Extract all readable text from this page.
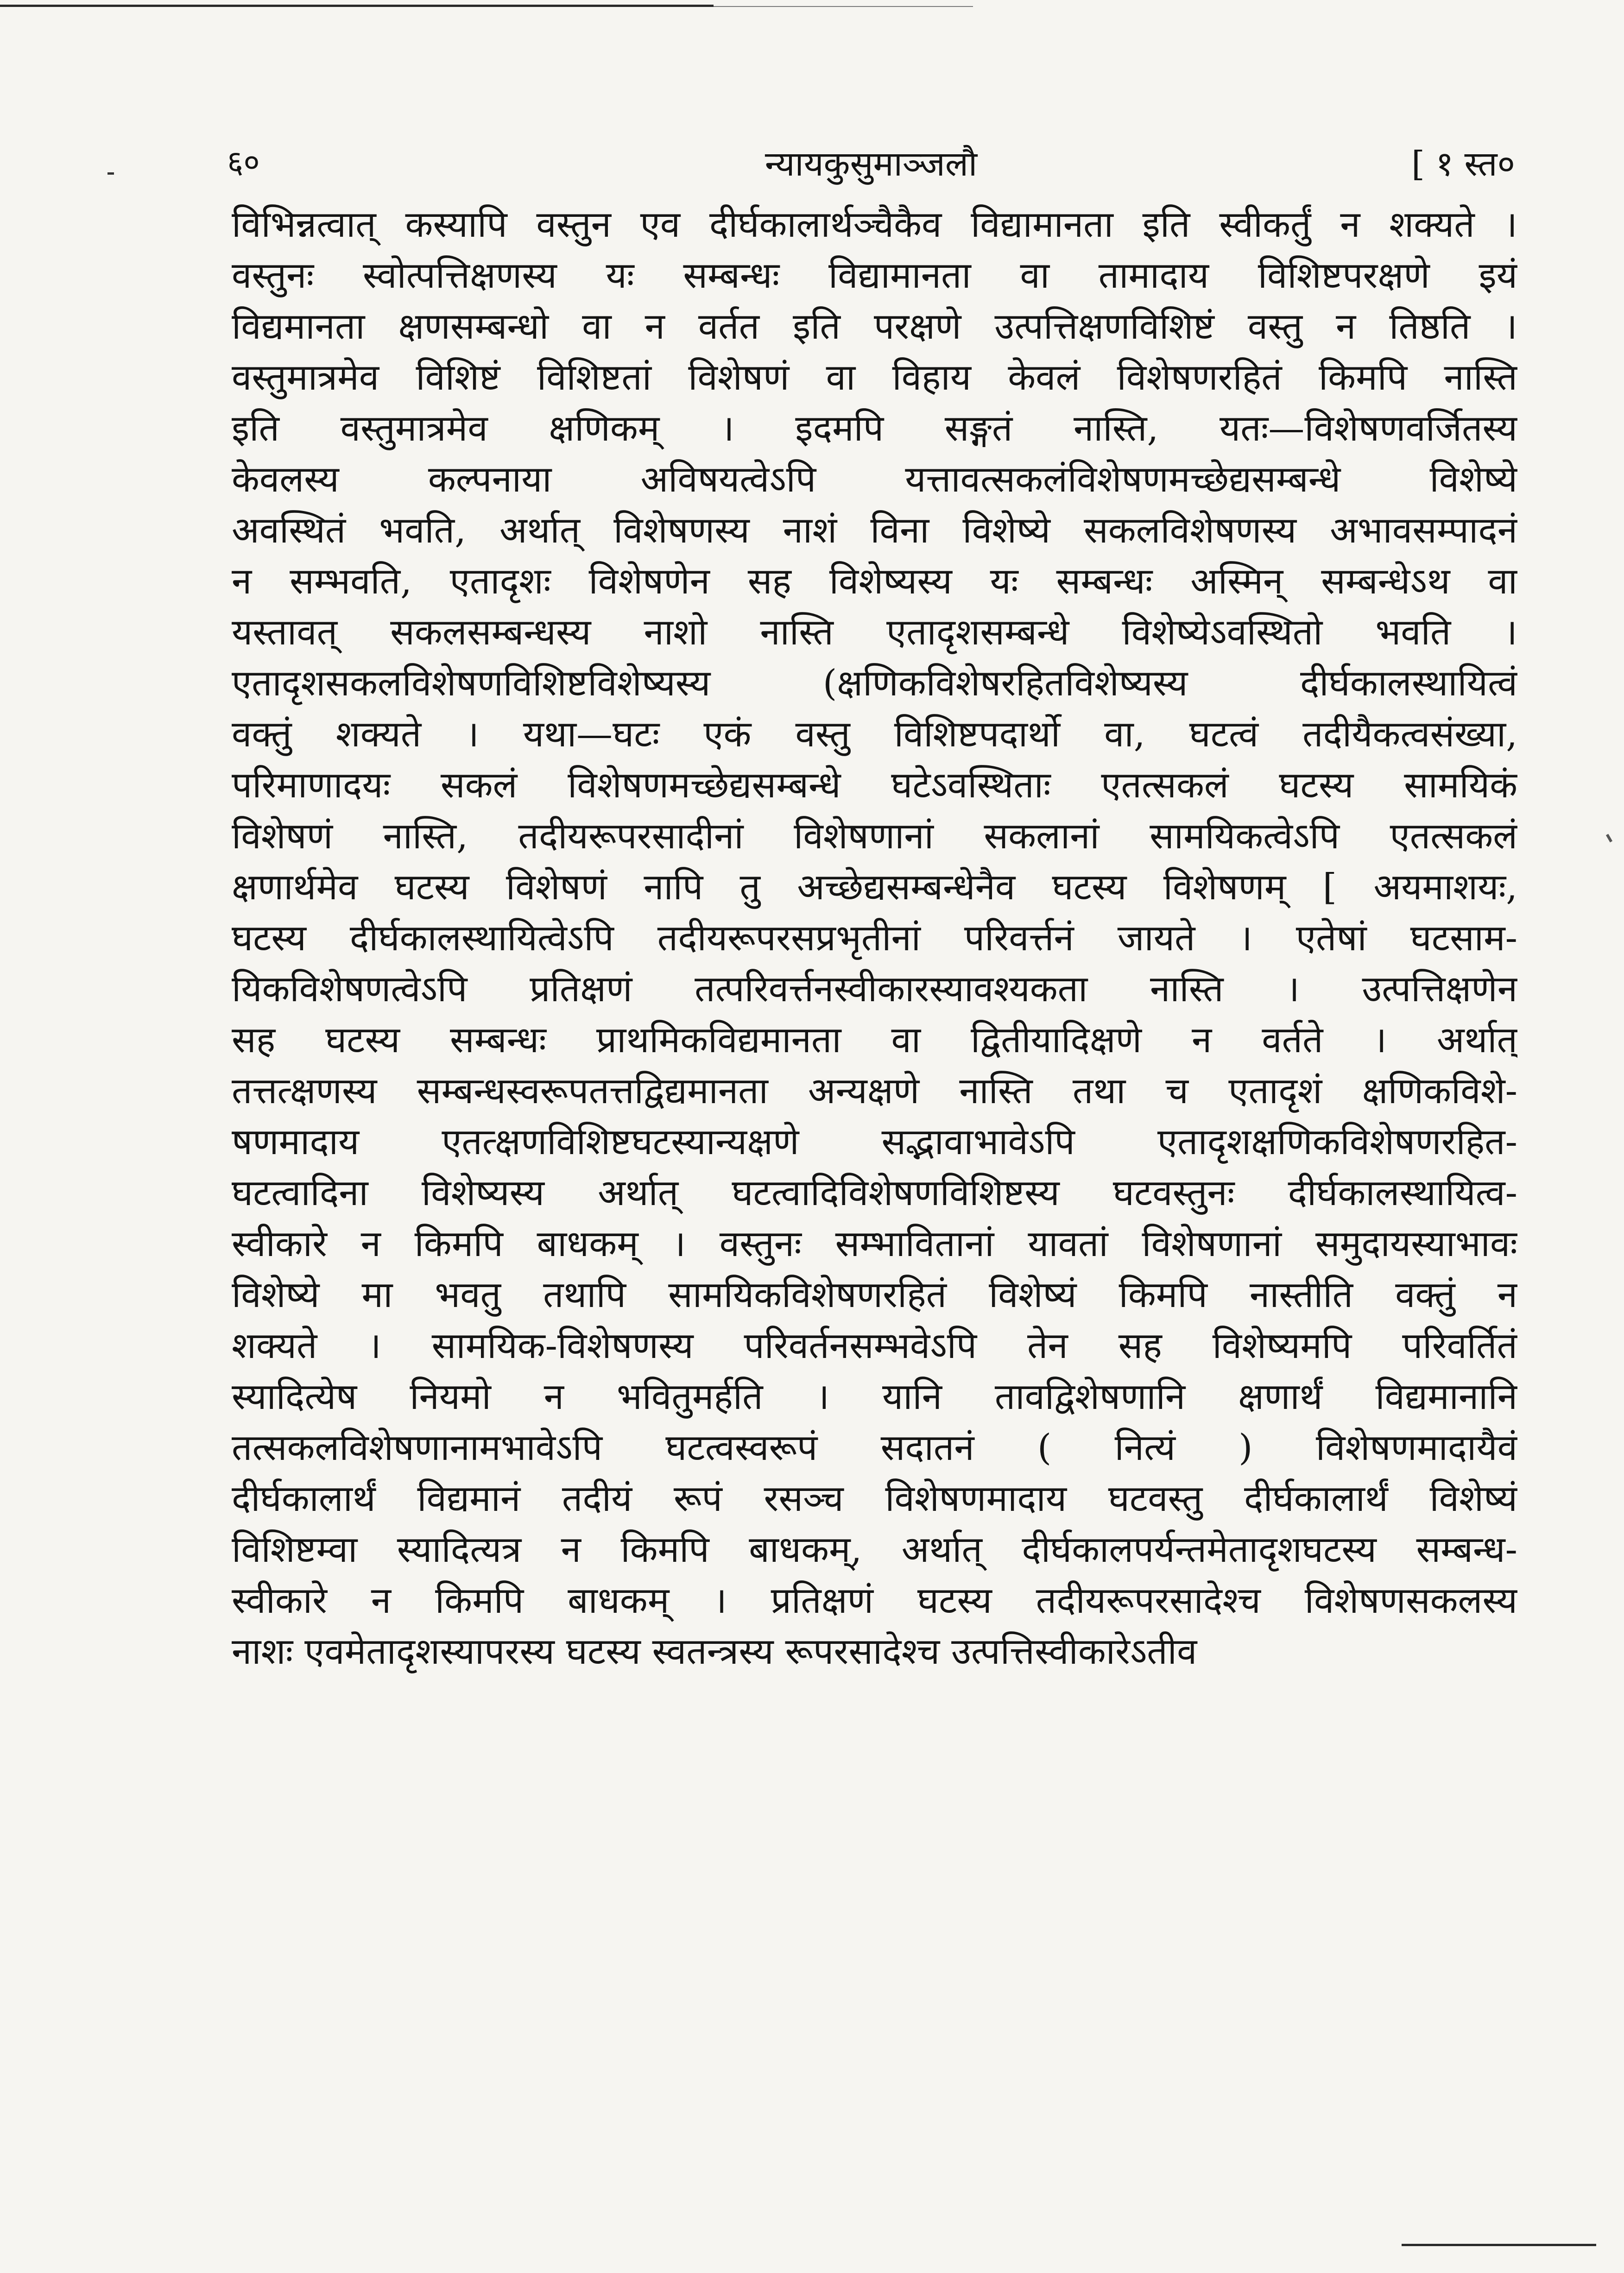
६०	न्यायकुसुमाञ्जलौ	[ १ स्त०
विभिन्नत्वात् कस्यापि वस्तुन एव दीर्घकालार्थञ्चैकैव विद्यामानता इति स्वीकर्तुं न शक्यते ।
वस्तुनः स्वोत्पत्तिक्षणस्य यः सम्बन्धः विद्यामानता वा तामादाय विशिष्टपरक्षणे इयं
विद्यमानता क्षणसम्बन्धो वा न वर्तत इति परक्षणे उत्पत्तिक्षणविशिष्टं वस्तु न तिष्ठति ।
वस्तुमात्रमेव विशिष्टं विशिष्टतां विशेषणं वा विहाय केवलं विशेषणरहितं किमपि नास्ति
इति वस्तुमात्रमेव क्षणिकम् । इदमपि सङ्गतं नास्ति, यतः—विशेषणवर्जितस्य
केवलस्य कल्पनाया अविषयत्वेऽपि यत्तावत्सकलंविशेषणमच्छेद्यसम्बन्धे विशेष्ये
अवस्थितं भवति, अर्थात् विशेषणस्य नाशं विना विशेष्ये सकलविशेषणस्य अभावसम्पादनं
न सम्भवति, एतादृशः विशेषणेन सह विशेष्यस्य यः सम्बन्धः अस्मिन् सम्बन्धेऽथ वा
यस्तावत् सकलसम्बन्धस्य नाशो नास्ति एतादृशसम्बन्धे विशेष्येऽवस्थितो भवति ।
एतादृशसकलविशेषणविशिष्टविशेष्यस्य (क्षणिकविशेषरहितविशेष्यस्य दीर्घकालस्थायित्वं
वक्तुं शक्यते । यथा—घटः एकं वस्तु विशिष्टपदार्थो वा, घटत्वं तदीयैकत्वसंख्या,
परिमाणादयः सकलं विशेषणमच्छेद्यसम्बन्धे घटेऽवस्थिताः एतत्सकलं घटस्य सामयिकं
विशेषणं नास्ति, तदीयरूपरसादीनां विशेषणानां सकलानां सामयिकत्वेऽपि एतत्सकलं
क्षणार्थमेव घटस्य विशेषणं नापि तु अच्छेद्यसम्बन्धेनैव घटस्य विशेषणम् [ अयमाशयः,
घटस्य दीर्घकालस्थायित्वेऽपि तदीयरूपरसप्रभृतीनां परिवर्त्तनं जायते । एतेषां घटसाम-
यिकविशेषणत्वेऽपि प्रतिक्षणं तत्परिवर्त्तनस्वीकारस्यावश्यकता नास्ति । उत्पत्तिक्षणेन
सह घटस्य सम्बन्धः प्राथमिकविद्यमानता वा द्वितीयादिक्षणे न वर्तते । अर्थात्
तत्तत्क्षणस्य सम्बन्धस्वरूपतत्तद्विद्यमानता अन्यक्षणे नास्ति तथा च एतादृशं क्षणिकविशे-
षणमादाय एतत्क्षणविशिष्टघटस्यान्यक्षणे सद्भावाभावेऽपि एतादृशक्षणिकविशेषणरहित-
घटत्वादिना विशेष्यस्य अर्थात् घटत्वादिविशेषणविशिष्टस्य घटवस्तुनः दीर्घकालस्थायित्व-
स्वीकारे न किमपि बाधकम् । वस्तुनः सम्भावितानां यावतां विशेषणानां समुदायस्याभावः
विशेष्ये मा भवतु तथापि सामयिकविशेषणरहितं विशेष्यं किमपि नास्तीति वक्तुं न
शक्यते । सामयिक-विशेषणस्य परिवर्तनसम्भवेऽपि तेन सह विशेष्यमपि परिवर्तितं
स्यादित्येष नियमो न भवितुमर्हति । यानि तावद्विशेषणानि क्षणार्थं विद्यमानानि
तत्सकलविशेषणानामभावेऽपि घटत्वस्वरूपं सदातनं ( नित्यं ) विशेषणमादायैवं
दीर्घकालार्थं विद्यमानं तदीयं रूपं रसञ्च विशेषणमादाय घटवस्तु दीर्घकालार्थं विशेष्यं
विशिष्टम्वा स्यादित्यत्र न किमपि बाधकम्, अर्थात् दीर्घकालपर्यन्तमेतादृशघटस्य सम्बन्ध-
स्वीकारे न किमपि बाधकम् । प्रतिक्षणं घटस्य तदीयरूपरसादेश्च विशेषणसकलस्य
नाशः एवमेतादृशस्यापरस्य घटस्य स्वतन्त्रस्य रूपरसादेश्च उत्पत्तिस्वीकारेऽतीव
